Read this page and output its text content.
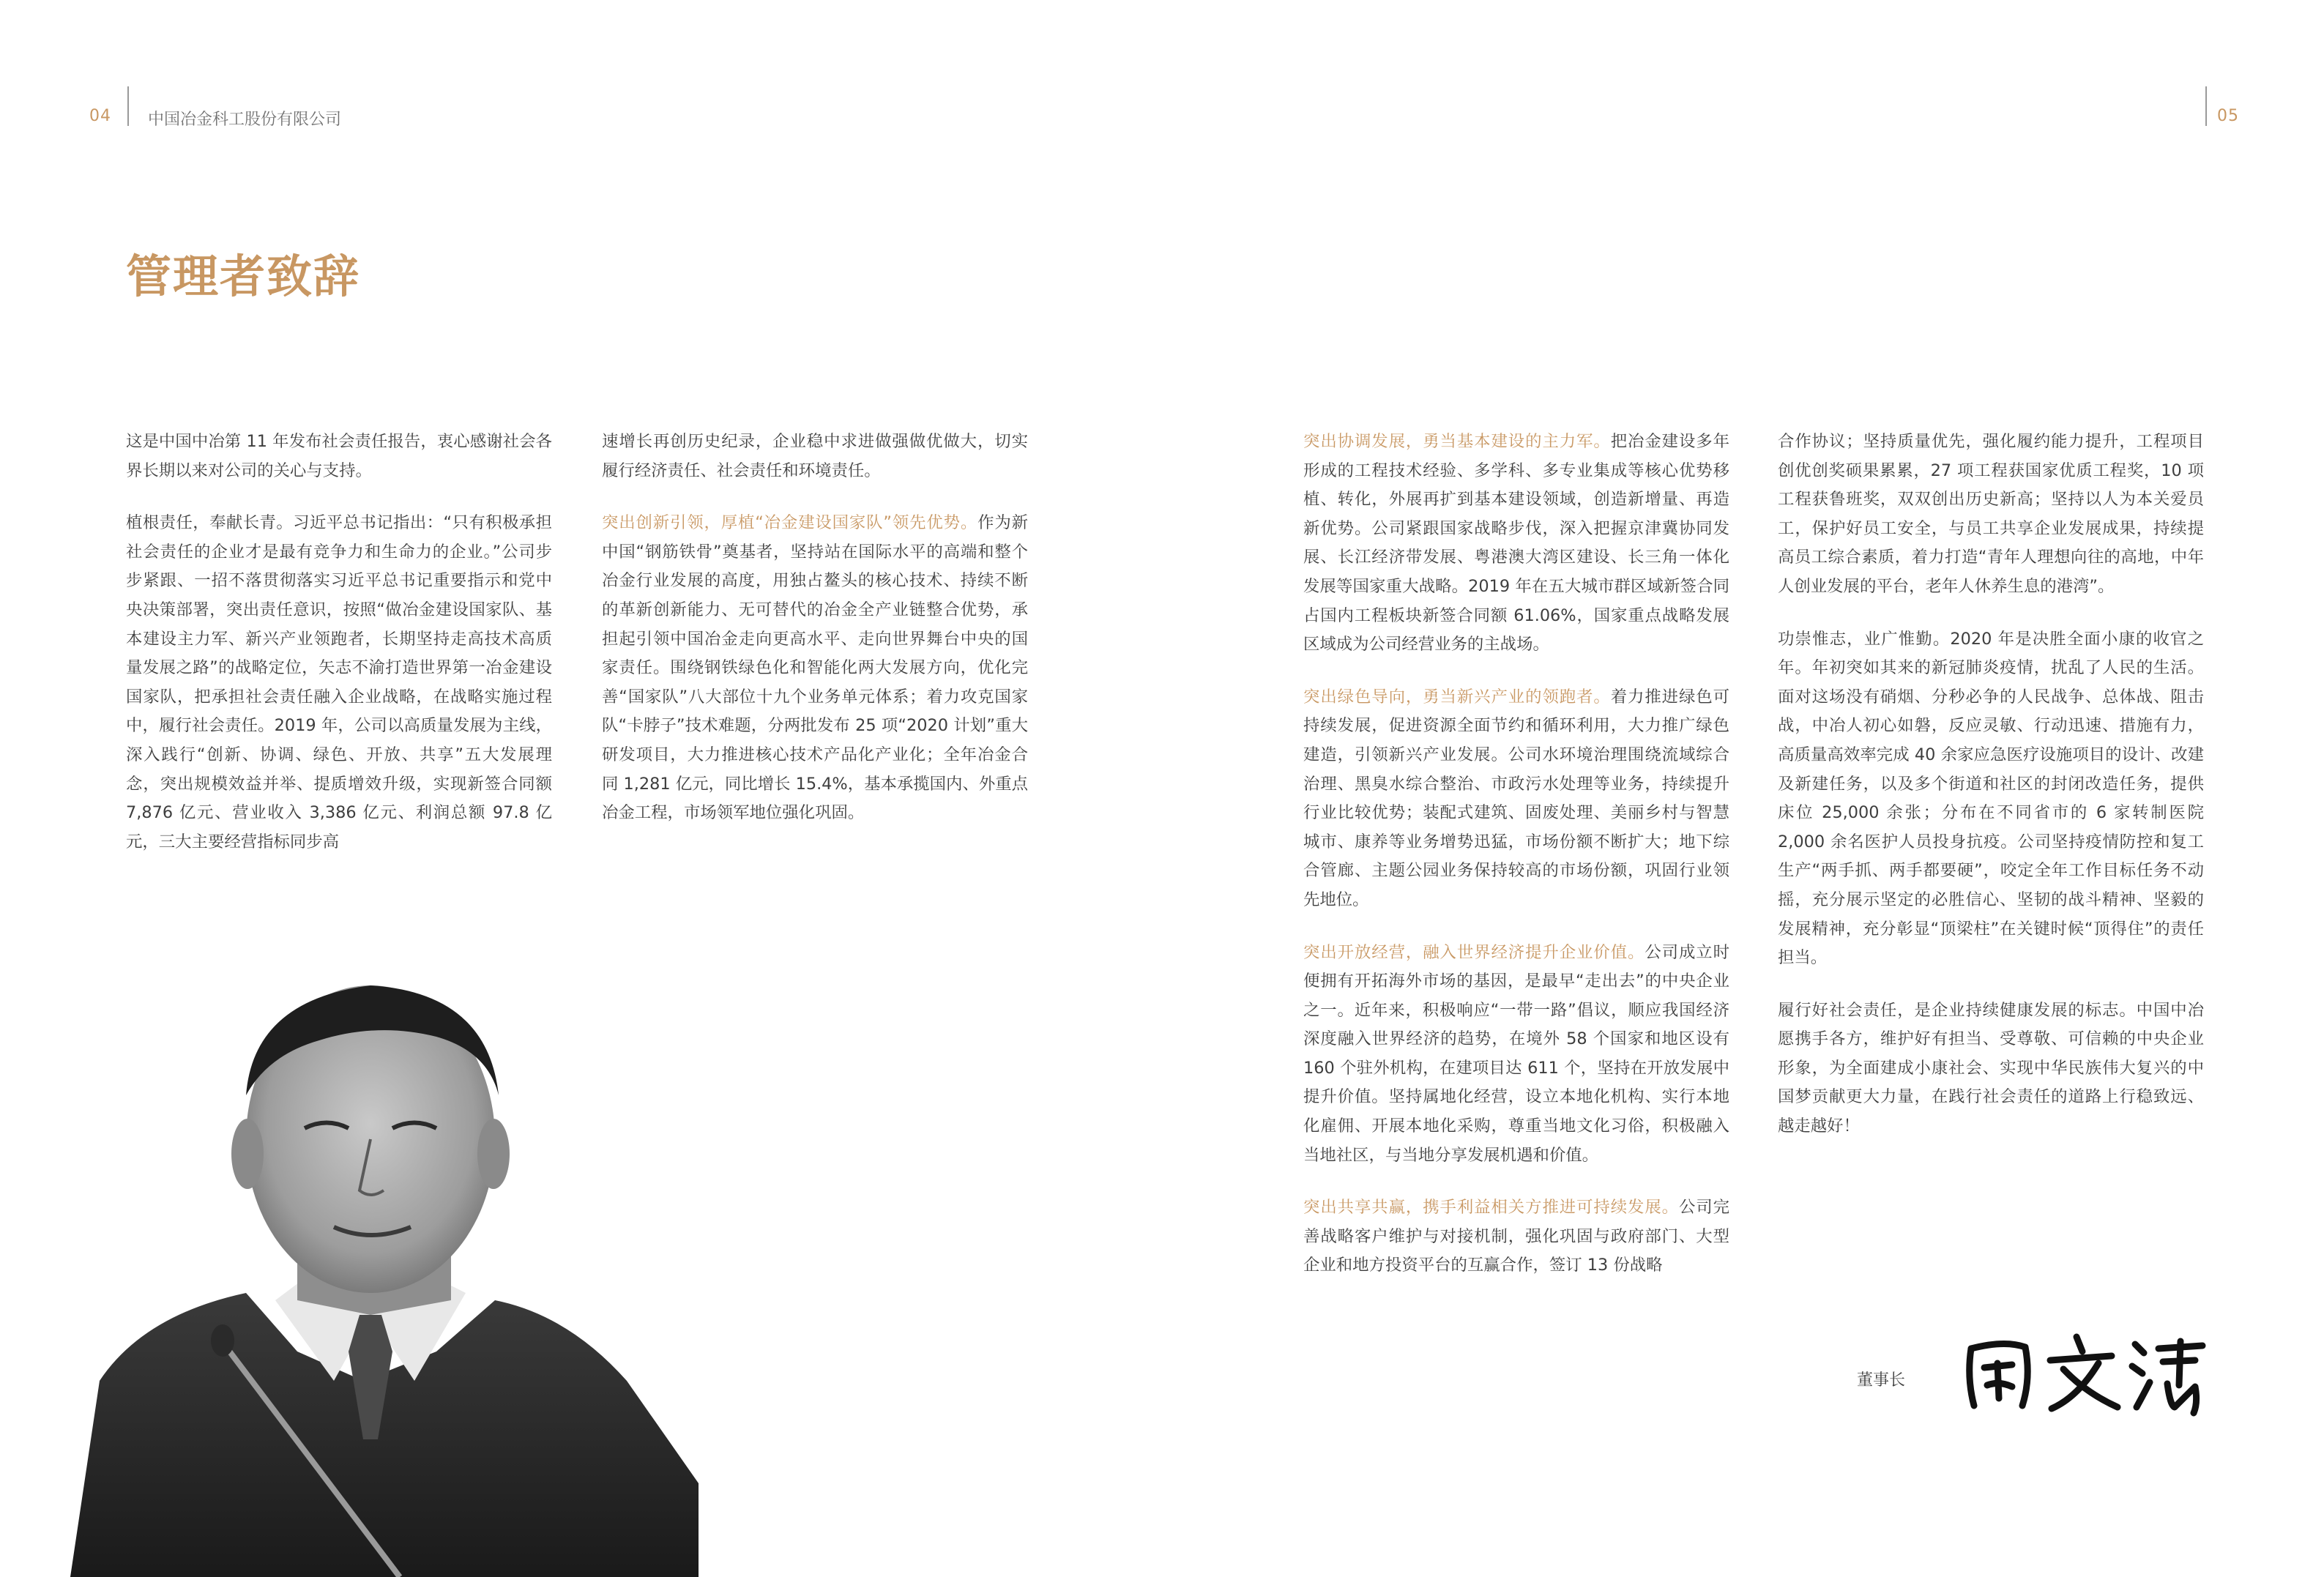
04 中国冶金科工股份有限公司	05
管理者致辞

这是中国中冶第 11 年发布社会责任报告，衷心感谢社会各界长期以来对公司的关心与支持。

植根责任，奉献长青。习近平总书记指出：“只有积极承担社会责任的企业才是最有竞争力和生命力的企业。”公司步步紧跟、一招不落贯彻落实习近平总书记重要指示和党中央决策部署，突出责任意识，按照“做冶金建设国家队、基本建设主力军、新兴产业领跑者，长期坚持走高技术高质量发展之路”的战略定位，矢志不渝打造世界第一冶金建设国家队，把承担社会责任融入企业战略，在战略实施过程中，履行社会责任。2019 年，公司以高质量发展为主线，深入践行“创新、协调、绿色、开放、共享”五大发展理念，突出规模效益并举、提质增效升级，实现新签合同额 7,876 亿元、营业收入 3,386 亿元、利润总额 97.8 亿元，三大主要经营指标同步高

速增长再创历史纪录，企业稳中求进做强做优做大，切实履行经济责任、社会责任和环境责任。

突出创新引领，厚植“冶金建设国家队”领先优势。作为新中国“钢筋铁骨”奠基者，坚持站在国际水平的高端和整个冶金行业发展的高度，用独占鳌头的核心技术、持续不断的革新创新能力、无可替代的冶金全产业链整合优势，承担起引领中国冶金走向更高水平、走向世界舞台中央的国家责任。围绕钢铁绿色化和智能化两大发展方向，优化完善“国家队”八大部位十九个业务单元体系；着力攻克国家队“卡脖子”技术难题，分两批发布 25 项“2020 计划”重大研发项目，大力推进核心技术产品化产业化；全年冶金合同 1,281 亿元，同比增长 15.4%，基本承揽国内、外重点冶金工程，市场领军地位强化巩固。

突出协调发展，勇当基本建设的主力军。把冶金建设多年形成的工程技术经验、多学科、多专业集成等核心优势移植、转化，外展再扩到基本建设领域，创造新增量、再造新优势。公司紧跟国家战略步伐，深入把握京津冀协同发展、长江经济带发展、粤港澳大湾区建设、长三角一体化发展等国家重大战略。2019 年在五大城市群区域新签合同占国内工程板块新签合同额 61.06%，国家重点战略发展区域成为公司经营业务的主战场。

突出绿色导向，勇当新兴产业的领跑者。着力推进绿色可持续发展，促进资源全面节约和循环利用，大力推广绿色建造，引领新兴产业发展。公司水环境治理围绕流域综合治理、黑臭水综合整治、市政污水处理等业务，持续提升行业比较优势；装配式建筑、固废处理、美丽乡村与智慧城市、康养等业务增势迅猛，市场份额不断扩大；地下综合管廊、主题公园业务保持较高的市场份额，巩固行业领先地位。

突出开放经营，融入世界经济提升企业价值。公司成立时便拥有开拓海外市场的基因，是最早“走出去”的中央企业之一。近年来，积极响应“一带一路”倡议，顺应我国经济深度融入世界经济的趋势，在境外 58 个国家和地区设有 160 个驻外机构，在建项目达 611 个，坚持在开放发展中提升价值。坚持属地化经营，设立本地化机构、实行本地化雇佣、开展本地化采购，尊重当地文化习俗，积极融入当地社区，与当地分享发展机遇和价值。

突出共享共赢，携手利益相关方推进可持续发展。公司完善战略客户维护与对接机制，强化巩固与政府部门、大型企业和地方投资平台的互赢合作，签订 13 份战略

合作协议；坚持质量优先，强化履约能力提升，工程项目创优创奖硕果累累，27 项工程获国家优质工程奖，10 项工程获鲁班奖，双双创出历史新高；坚持以人为本关爱员工，保护好员工安全，与员工共享企业发展成果，持续提高员工综合素质，着力打造“青年人理想向往的高地，中年人创业发展的平台，老年人休养生息的港湾”。

功崇惟志，业广惟勤。2020 年是决胜全面小康的收官之年。年初突如其来的新冠肺炎疫情，扰乱了人民的生活。面对这场没有硝烟、分秒必争的人民战争、总体战、阻击战，中冶人初心如磐，反应灵敏、行动迅速、措施有力，高质量高效率完成 40 余家应急医疗设施项目的设计、改建及新建任务，以及多个街道和社区的封闭改造任务，提供床位 25,000 余张；分布在不同省市的 6 家转制医院 2,000 余名医护人员投身抗疫。公司坚持疫情防控和复工生产“两手抓、两手都要硬”，咬定全年工作目标任务不动摇，充分展示坚定的必胜信心、坚韧的战斗精神、坚毅的发展精神，充分彰显“顶梁柱”在关键时候“顶得住”的责任担当。

履行好社会责任，是企业持续健康发展的标志。中国中冶愿携手各方，维护好有担当、受尊敬、可信赖的中央企业形象，为全面建成小康社会、实现中华民族伟大复兴的中国梦贡献更大力量，在践行社会责任的道路上行稳致远、越走越好！

董事长
